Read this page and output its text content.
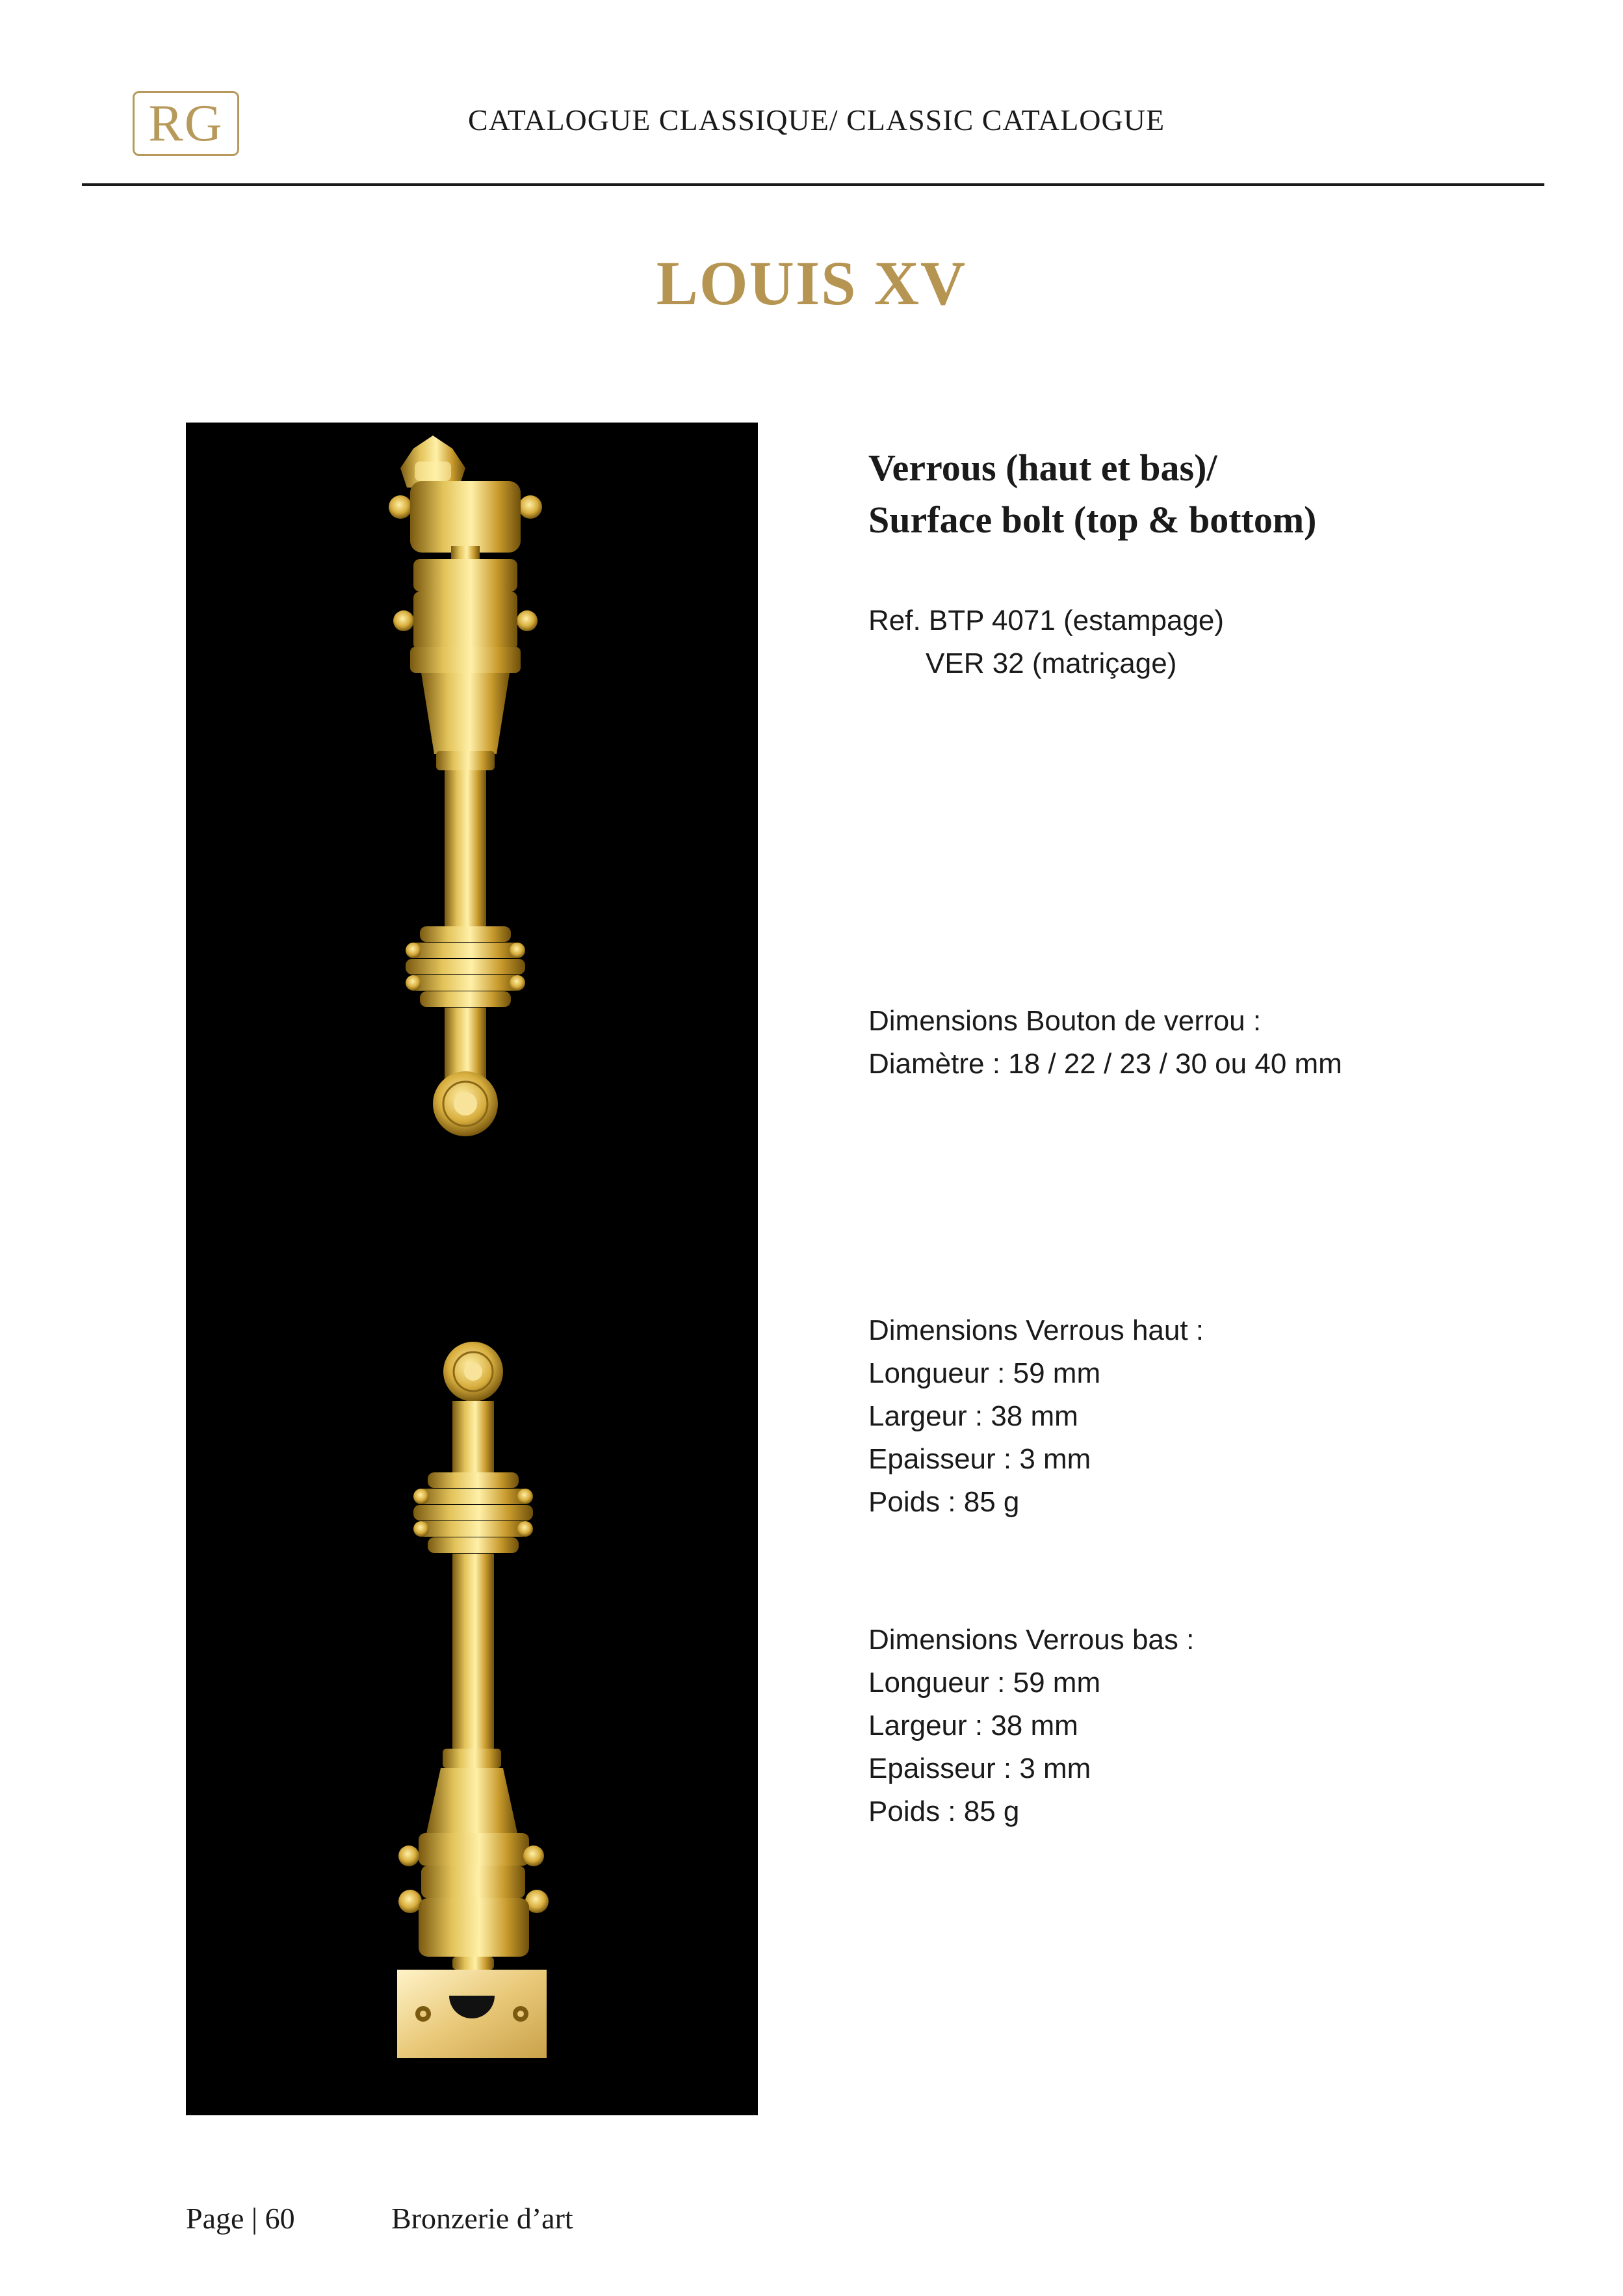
RG	CATALOGUE CLASSIQUE/ CLASSIC CATALOGUE
LOUIS XV
Verrous (haut et bas)/
Surface bolt (top & bottom)
Ref. BTP 4071 (estampage)
VER 32 (matriçage)
Dimensions Bouton de verrou :
Diamètre : 18 / 22 / 23 / 30 ou 40 mm
Dimensions Verrous haut :
Longueur : 59 mm
Largeur : 38 mm
Epaisseur : 3 mm
Poids : 85 g
Dimensions Verrous bas :
Longueur : 59 mm
Largeur : 38 mm
Epaisseur : 3 mm
Poids : 85 g
Page | 60	Bronzerie d’art
